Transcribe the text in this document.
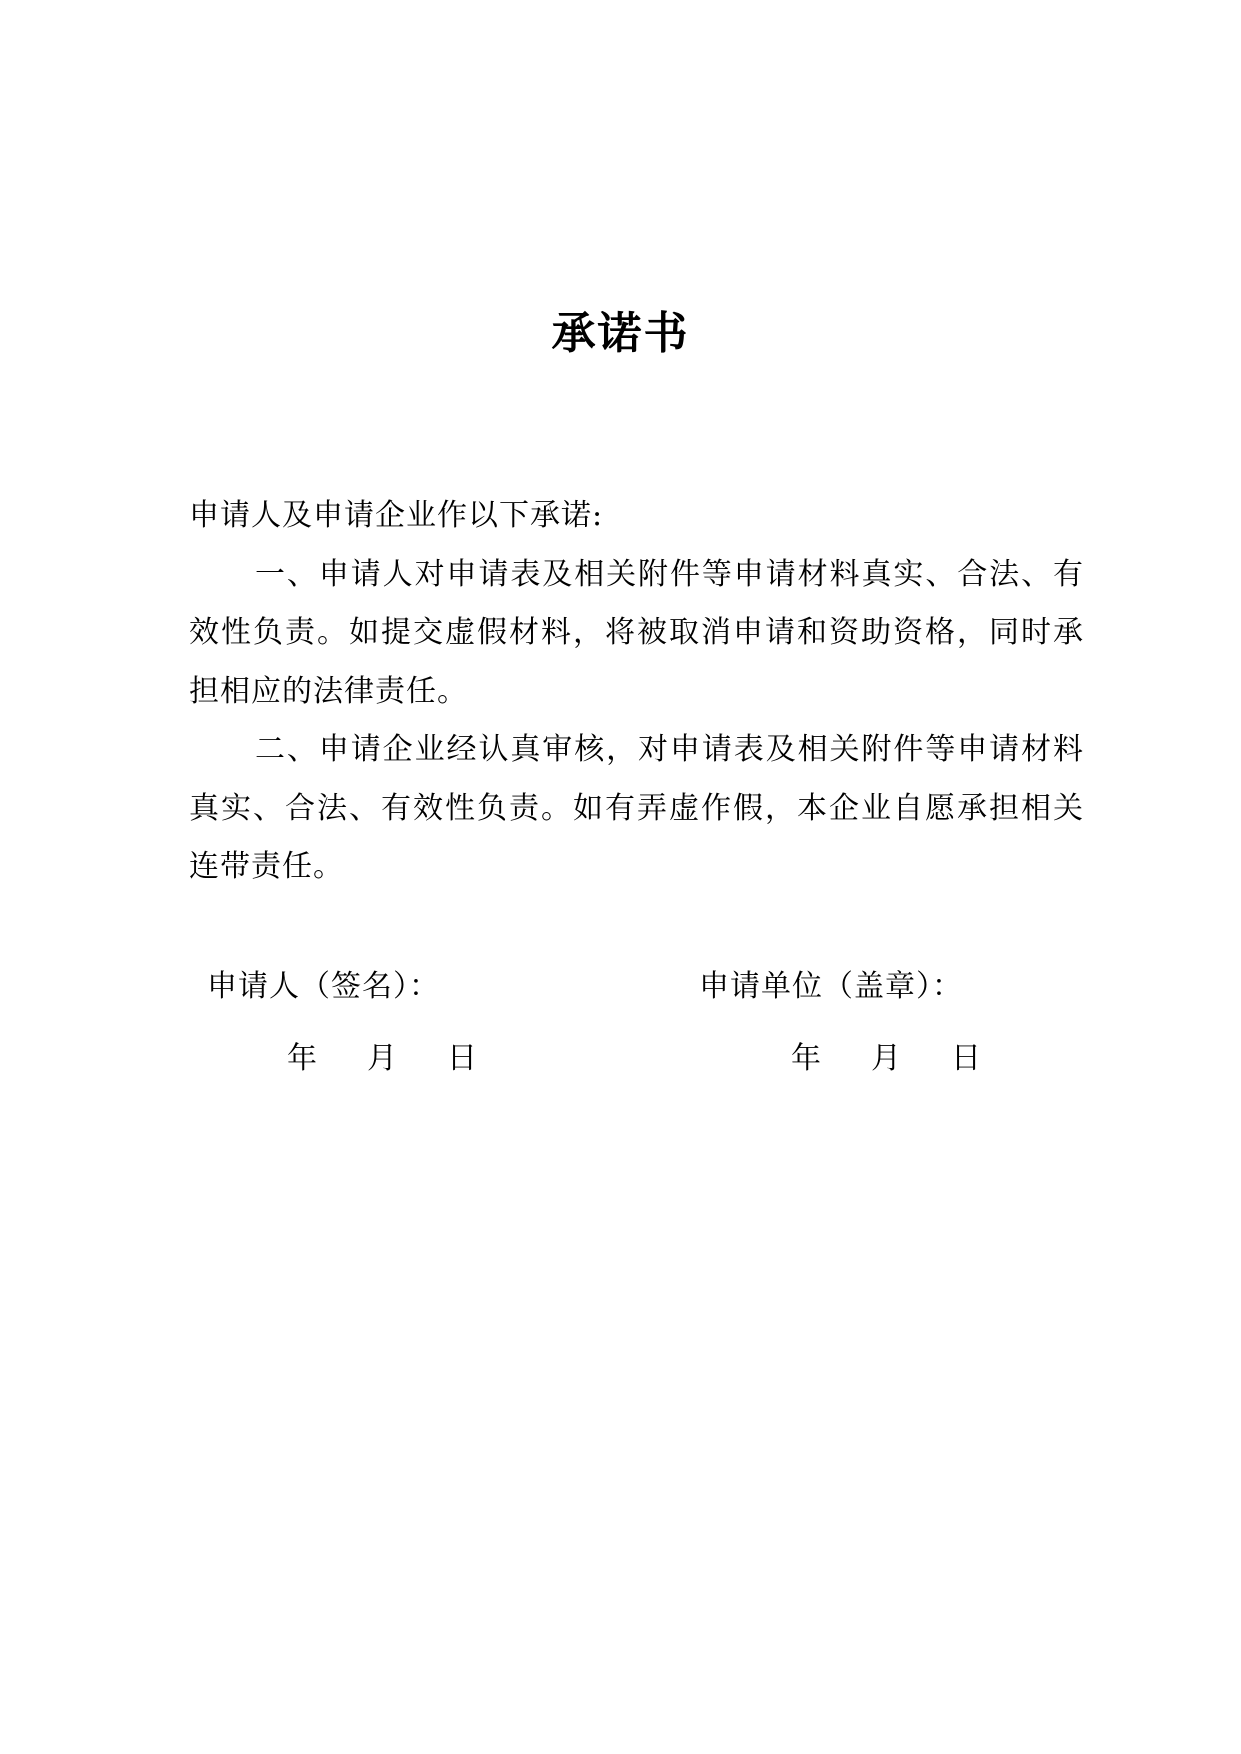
承诺书

申请人及申请企业作以下承诺:

一、申请人对申请表及相关附件等申请材料真实、合法、有效性负责。如提交虚假材料，将被取消申请和资助资格，同时承担相应的法律责任。

二、申请企业经认真审核，对申请表及相关附件等申请材料真实、合法、有效性负责。如有弄虚作假，本企业自愿承担相关连带责任。

申请人（签名）：	申请单位（盖章）：
年 月 日	年 月 日
